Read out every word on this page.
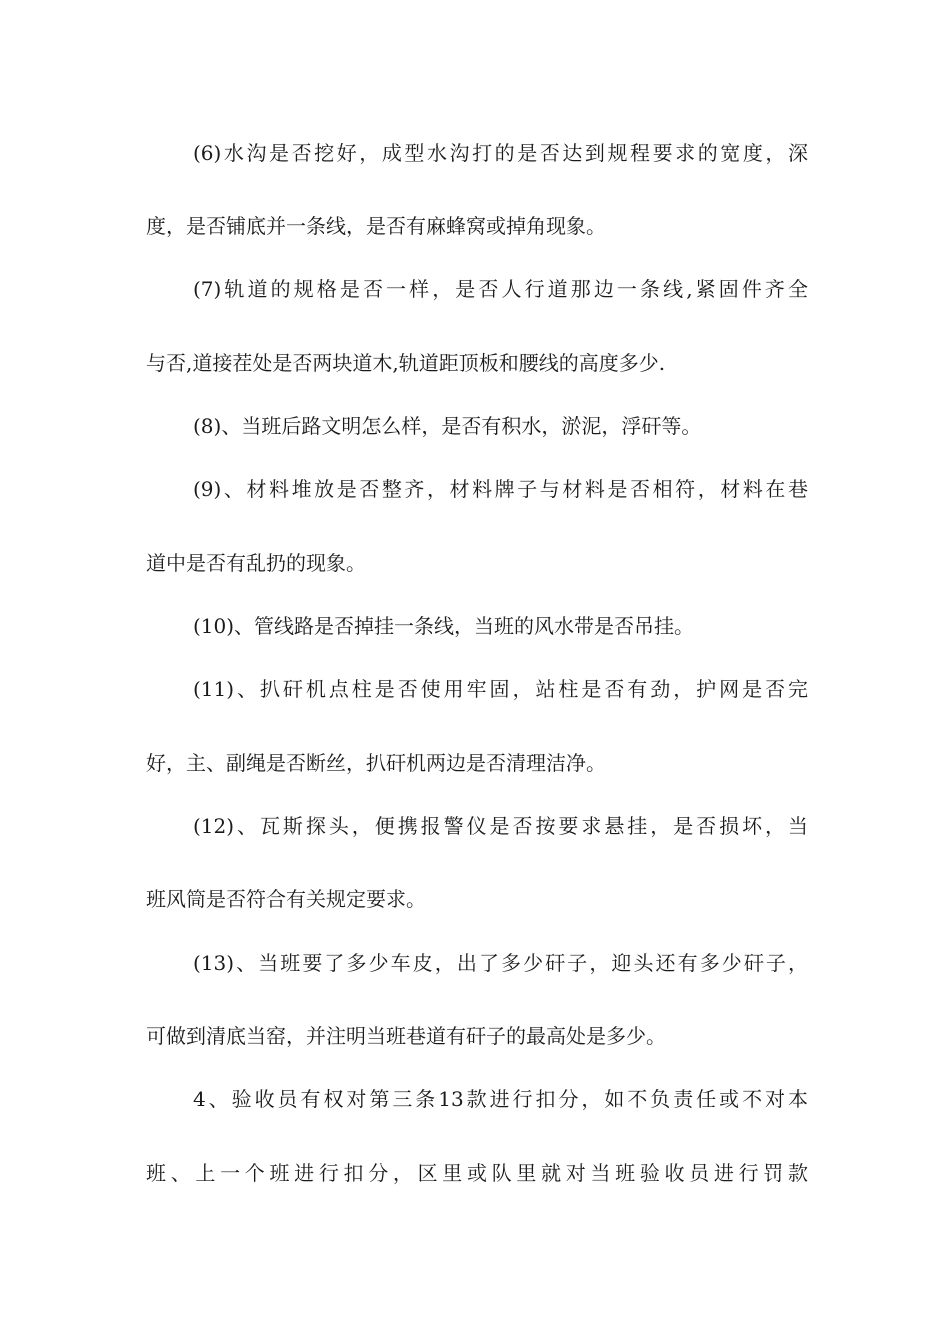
(6)水沟是否挖好，成型水沟打的是否达到规程要求的宽度，深
度，是否铺底并一条线，是否有麻蜂窝或掉角现象。
(7)轨道的规格是否一样，是否人行道那边一条线,紧固件齐全
与否,道接茬处是否两块道木,轨道距顶板和腰线的高度多少.
(8)、当班后路文明怎么样，是否有积水，淤泥，浮矸等。
(9)、材料堆放是否整齐，材料牌子与材料是否相符，材料在巷
道中是否有乱扔的现象。
(10)、管线路是否掉挂一条线，当班的风水带是否吊挂。
(11)、扒矸机点柱是否使用牢固，站柱是否有劲，护网是否完
好，主、副绳是否断丝，扒矸机两边是否清理洁净。
(12)、瓦斯探头，便携报警仪是否按要求悬挂，是否损坏，当
班风筒是否符合有关规定要求。
(13)、当班要了多少车皮，出了多少矸子，迎头还有多少矸子，
可做到清底当窑，并注明当班巷道有矸子的最高处是多少。
4、验收员有权对第三条13款进行扣分，如不负责任或不对本
班、上一个班进行扣分，区里或队里就对当班验收员进行罚款
